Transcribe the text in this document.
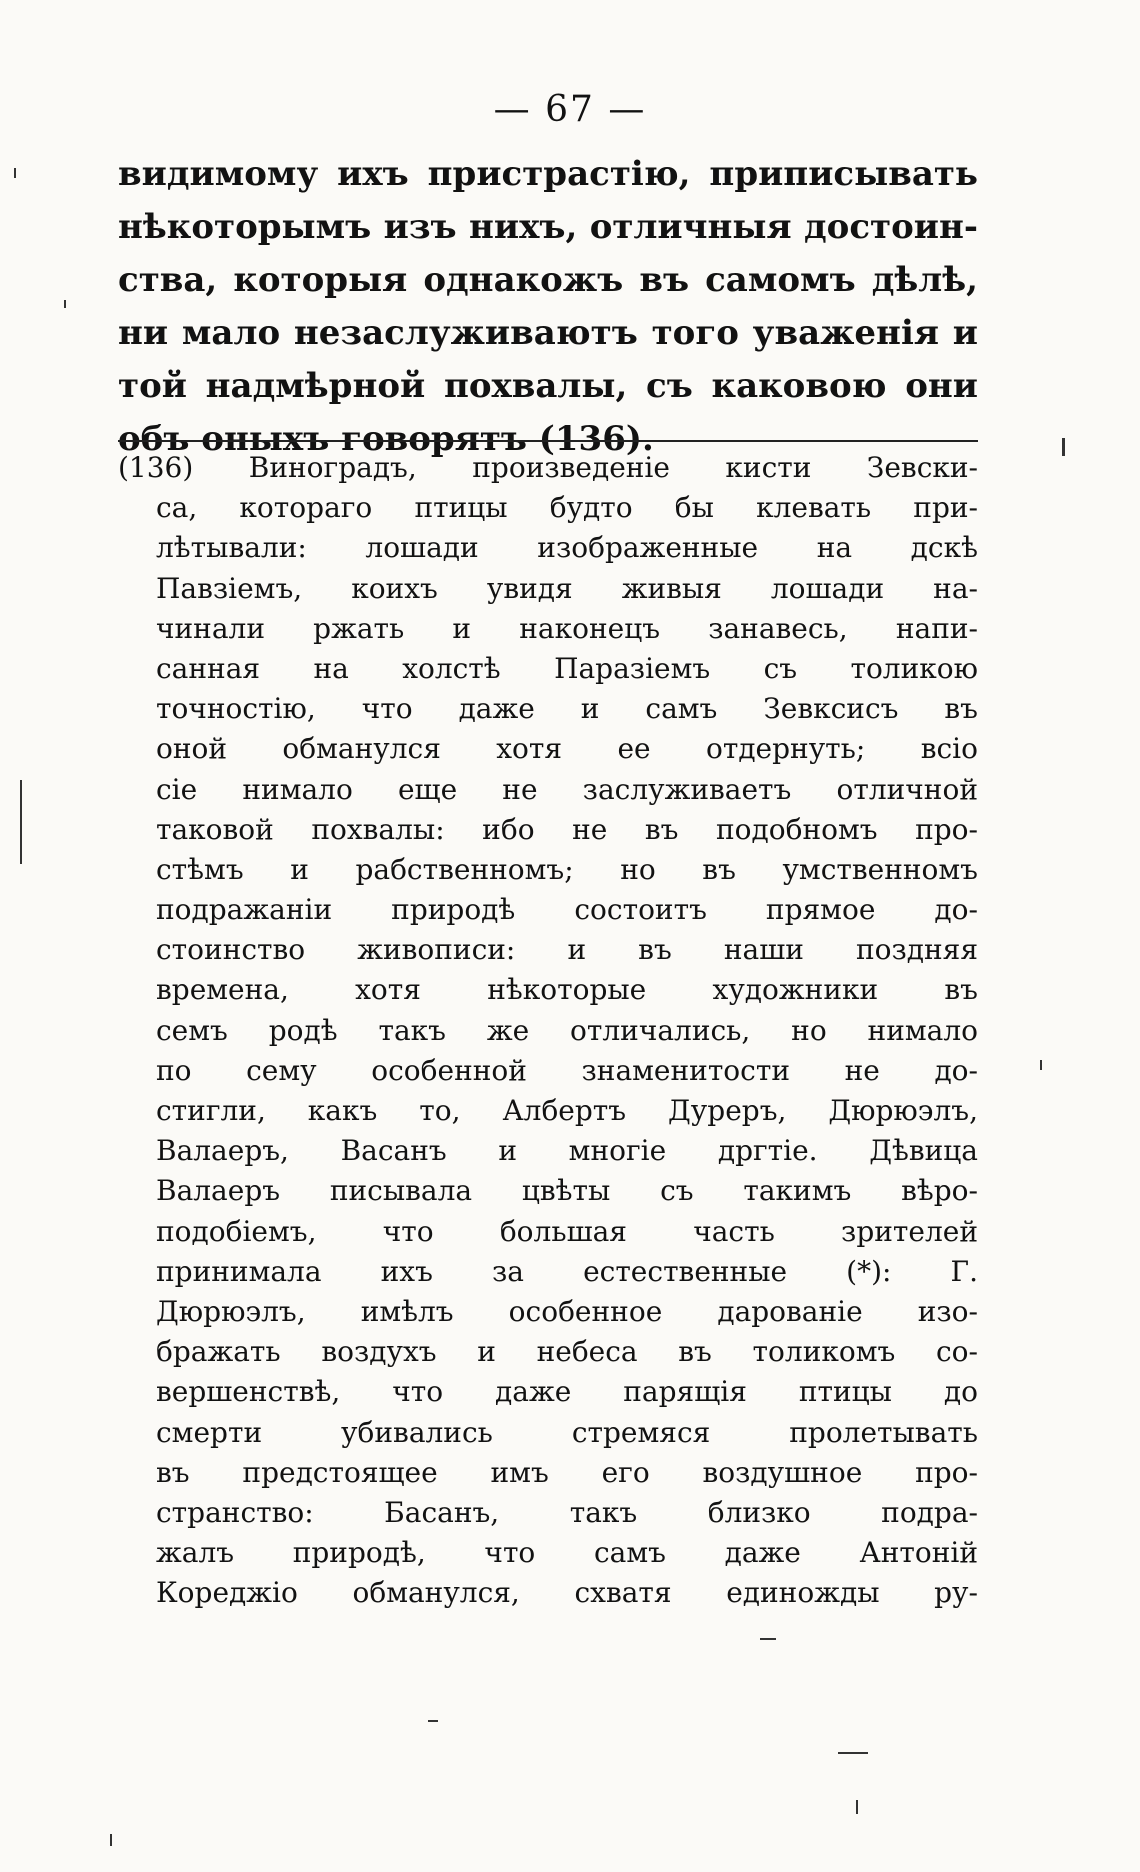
— 67 —
видимому ихъ пристрастію, приписывать
нѣкоторымъ изъ нихъ, отличныя достоин-
ства, которыя однакожъ въ самомъ дѣлѣ,
ни мало незаслуживаютъ того уваженія и
той надмѣрной похвалы, съ каковою они
объ оныхъ говорятъ (136).
(136) Виноградъ, произведеніе кисти Зевски-
са, котораго птицы будто бы клевать при-
лѣтывали: лошади изображенные на дскѣ
Павзіемъ, коихъ увидя живыя лошади на-
чинали ржать и наконецъ занавесь, напи-
санная на холстѣ Паразіемъ съ толикою
точностію, что даже и самъ Зевксисъ въ
оной обманулся хотя ее отдернуть; всіо
сіе нимало еще не заслуживаетъ отличной
таковой похвалы: ибо не въ подобномъ про-
стѣмъ и рабственномъ; но въ умственномъ
подражаніи природѣ состоитъ прямое до-
стоинство живописи: и въ наши поздняя
времена, хотя нѣкоторые художники въ
семъ родѣ такъ же отличались, но нимало
по сему особенной знаменитости не до-
стигли, какъ то, Албертъ Дурeръ, Дюрюэлъ,
Валаеръ, Васанъ и многіе дргтіе. Дѣвица
Валаеръ писывала цвѣты съ такимъ вѣро-
подобіемъ, что большая часть зрителей
принимала ихъ за естественные (*): Г.
Дюрюэлъ, имѣлъ особенное дарованіе изо-
бражать воздухъ и небеса въ толикомъ со-
вершенствѣ, что даже парящія птицы до
смерти убивались стремяся пролетывать
въ предстоящее имъ его воздушное про-
странство: Басанъ, такъ близко подра-
жалъ природѣ, что самъ даже Антоній
Кореджіо обманулся, схватя единожды ру-
